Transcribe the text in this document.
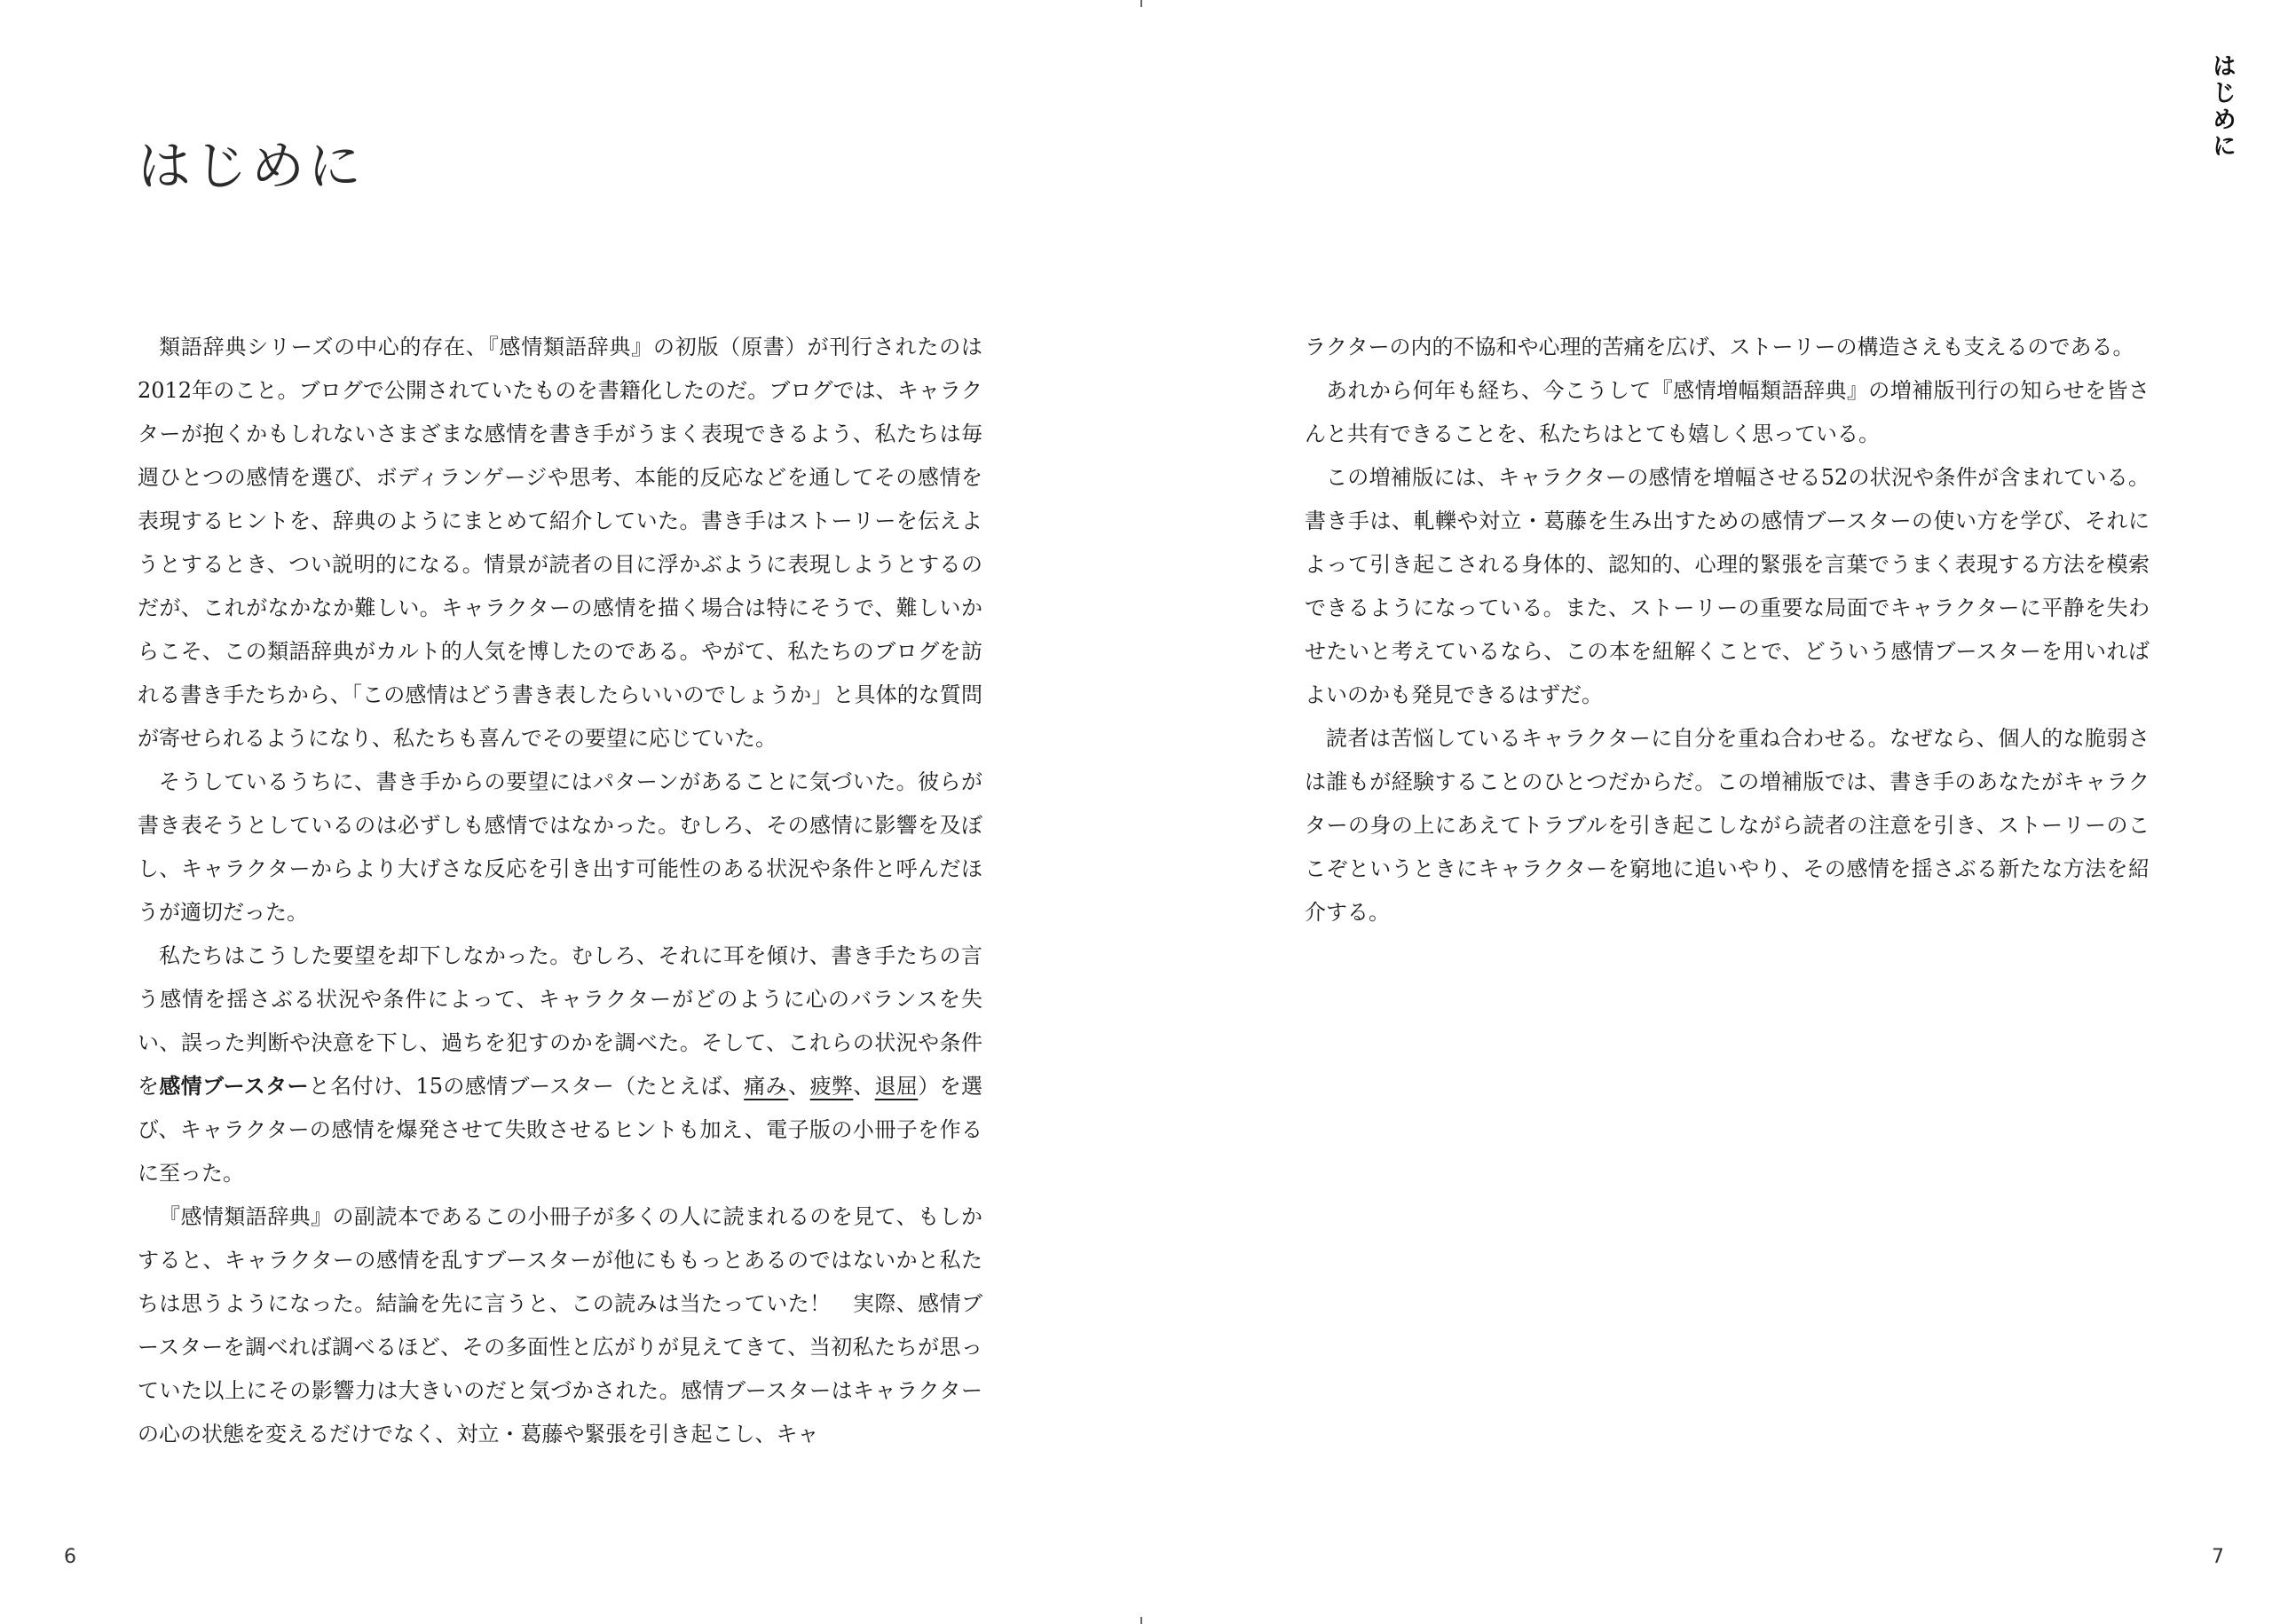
はじめに

類語辞典シリーズの中心的存在、『感情類語辞典』の初版（原書）が刊行されたのは2012年のこと。ブログで公開されていたものを書籍化したのだ。ブログでは、キャラクターが抱くかもしれないさまざまな感情を書き手がうまく表現できるよう、私たちは毎週ひとつの感情を選び、ボディランゲージや思考、本能的反応などを通してその感情を表現するヒントを、辞典のようにまとめて紹介していた。書き手はストーリーを伝えようとするとき、つい説明的になる。情景が読者の目に浮かぶように表現しようとするのだが、これがなかなか難しい。キャラクターの感情を描く場合は特にそうで、難しいからこそ、この類語辞典がカルト的人気を博したのである。やがて、私たちのブログを訪れる書き手たちから、「この感情はどう書き表したらいいのでしょうか」と具体的な質問が寄せられるようになり、私たちも喜んでその要望に応じていた。

そうしているうちに、書き手からの要望にはパターンがあることに気づいた。彼らが書き表そうとしているのは必ずしも感情ではなかった。むしろ、その感情に影響を及ぼし、キャラクターからより大げさな反応を引き出す可能性のある状況や条件と呼んだほうが適切だった。

私たちはこうした要望を却下しなかった。むしろ、それに耳を傾け、書き手たちの言う感情を揺さぶる状況や条件によって、キャラクターがどのように心のバランスを失い、誤った判断や決意を下し、過ちを犯すのかを調べた。そして、これらの状況や条件を感情ブースターと名付け、15の感情ブースター（たとえば、痛み、疲弊、退屈）を選び、キャラクターの感情を爆発させて失敗させるヒントも加え、電子版の小冊子を作るに至った。

『感情類語辞典』の副読本であるこの小冊子が多くの人に読まれるのを見て、もしかすると、キャラクターの感情を乱すブースターが他にももっとあるのではないかと私たちは思うようになった。結論を先に言うと、この読みは当たっていた！　実際、感情ブースターを調べれば調べるほど、その多面性と広がりが見えてきて、当初私たちが思っていた以上にその影響力は大きいのだと気づかされた。感情ブースターはキャラクターの心の状態を変えるだけでなく、対立・葛藤や緊張を引き起こし、キャ

6
はじめに

ラクターの内的不協和や心理的苦痛を広げ、ストーリーの構造さえも支えるのである。

あれから何年も経ち、今こうして『感情増幅類語辞典』の増補版刊行の知らせを皆さんと共有できることを、私たちはとても嬉しく思っている。

この増補版には、キャラクターの感情を増幅させる52の状況や条件が含まれている。書き手は、軋轢や対立・葛藤を生み出すための感情ブースターの使い方を学び、それによって引き起こされる身体的、認知的、心理的緊張を言葉でうまく表現する方法を模索できるようになっている。また、ストーリーの重要な局面でキャラクターに平静を失わせたいと考えているなら、この本を紐解くことで、どういう感情ブースターを用いればよいのかも発見できるはずだ。

読者は苦悩しているキャラクターに自分を重ね合わせる。なぜなら、個人的な脆弱さは誰もが経験することのひとつだからだ。この増補版では、書き手のあなたがキャラクターの身の上にあえてトラブルを引き起こしながら読者の注意を引き、ストーリーのここぞというときにキャラクターを窮地に追いやり、その感情を揺さぶる新たな方法を紹介する。

7
